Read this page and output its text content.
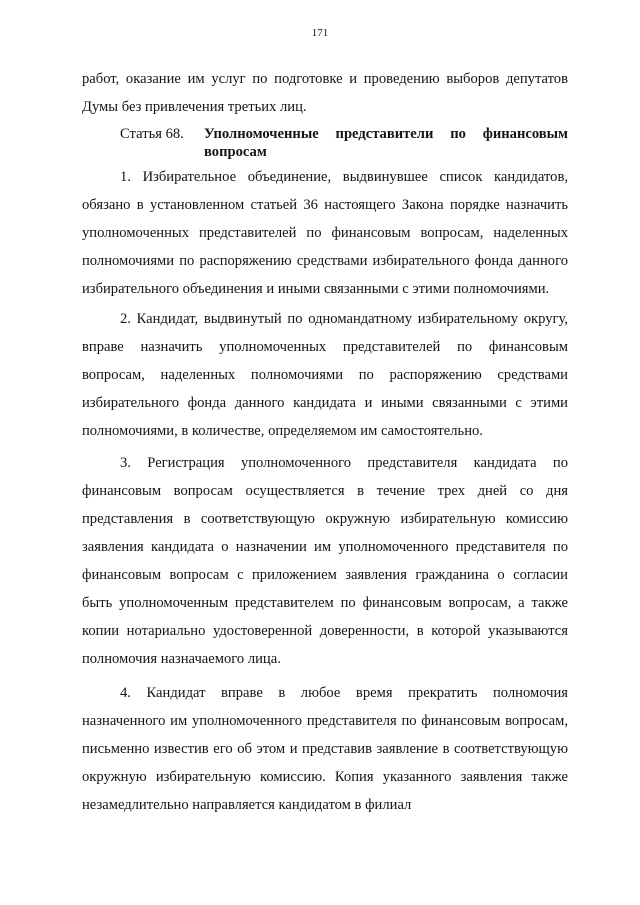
171

работ, оказание им услуг по подготовке и проведению выборов депутатов Думы без привлечения третьих лиц.

Статья 68.	Уполномоченные представители по финансовым вопросам

1. Избирательное объединение, выдвинувшее список кандидатов, обязано в установленном статьей 36 настоящего Закона порядке назначить уполномоченных представителей по финансовым вопросам, наделенных полномочиями по распоряжению средствами избирательного фонда данного избирательного объединения и иными связанными с этими полномочиями.

2. Кандидат, выдвинутый по одномандатному избирательному округу, вправе назначить уполномоченных представителей по финансовым вопросам, наделенных полномочиями по распоряжению средствами избирательного фонда данного кандидата и иными связанными с этими полномочиями, в количестве, определяемом им самостоятельно.

3. Регистрация уполномоченного представителя кандидата по финансовым вопросам осуществляется в течение трех дней со дня представления в соответствующую окружную избирательную комиссию заявления кандидата о назначении им уполномоченного представителя по финансовым вопросам с приложением заявления гражданина о согласии быть уполномоченным представителем по финансовым вопросам, а также копии нотариально удостоверенной доверенности, в которой указываются полномочия назначаемого лица.

4. Кандидат вправе в любое время прекратить полномочия назначенного им уполномоченного представителя по финансовым вопросам, письменно известив его об этом и представив заявление в соответствующую окружную избирательную комиссию. Копия указанного заявления также незамедлительно направляется кандидатом в филиал
